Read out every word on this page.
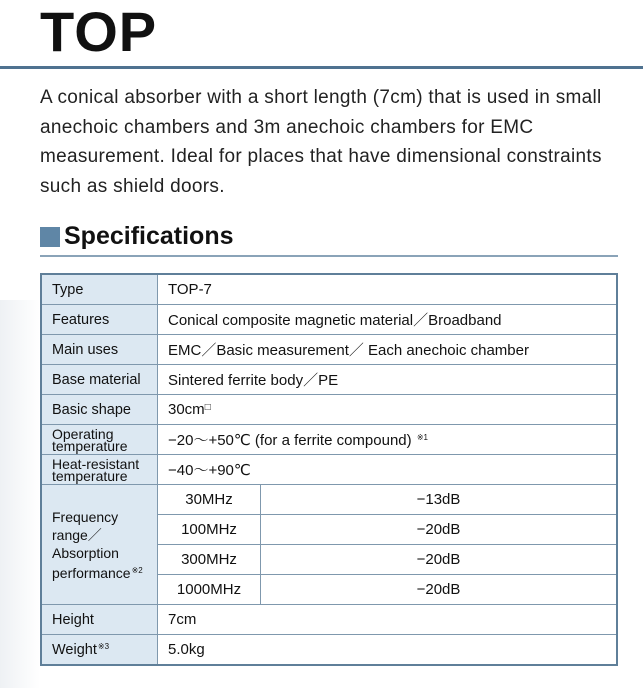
TOP
A conical absorber with a short length (7cm) that is used in small anechoic chambers and 3m anechoic chambers for EMC measurement. Ideal for places that have dimensional constraints such as shield doors.
Specifications
Type	TOP-7	
Features	Conical composite magnetic material／Broadband	
Main uses	EMC／Basic measurement／ Each anechoic chamber	
Base material	Sintered ferrite body／PE	
Basic shape	30cm□
Operating temperature	−20～+50℃ (for a ferrite compound) $^{※1}$
Heat-resistant temperature	−40～+90℃	
Frequency range／Absorption performance$^{※2}$	30MHz	−13dB
	100MHz	−20dB
	300MHz	−20dB
	1000MHz	−20dB
Height	7cm	
Weight$^{※3}$	5.0kg	
